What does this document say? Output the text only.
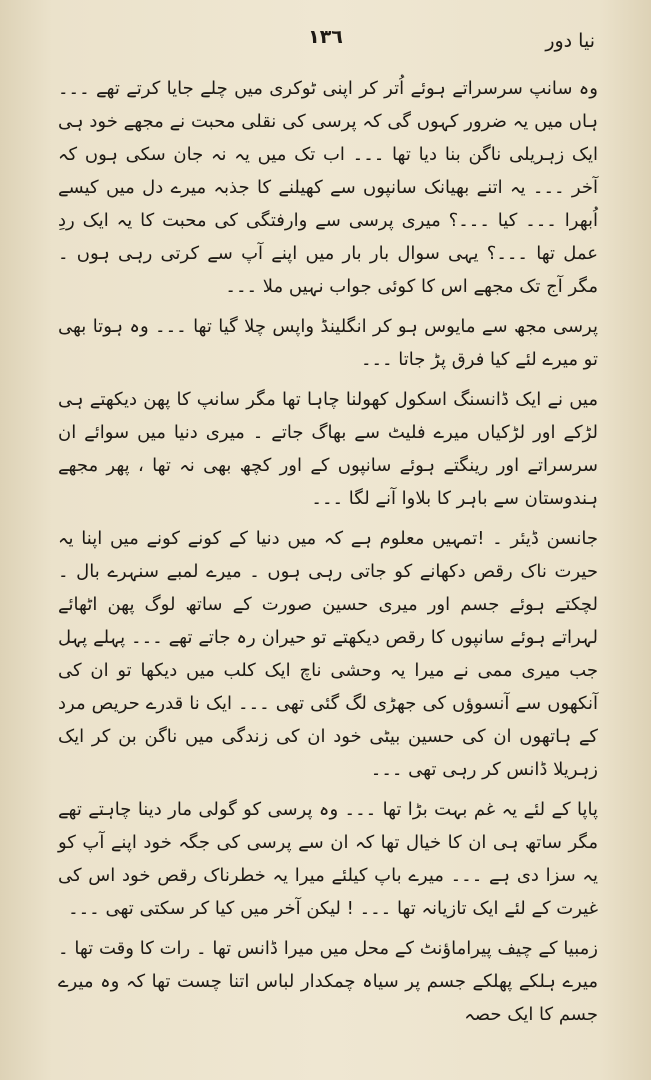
١٣٦	نیا دور

وہ سانپ سرسراتے ہوئے اُتر کر اپنی ٹوکری میں چلے جایا کرتے تھے ۔۔۔ ہاں میں یہ ضرور کہوں گی کہ پرسی کی نقلی محبت نے مجھے خود ہی ایک زہریلی ناگن بنا دیا تھا ۔۔۔ اب تک میں یہ نہ جان سکی ہوں کہ آخر ۔۔۔ یہ اتنے بھیانک سانپوں سے کھیلنے کا جذبہ میرے دل میں کیسے اُبھرا ۔۔۔ کیا ۔۔۔؟ میری پرسی سے وارفتگی کی محبت کا یہ ایک ردِ عمل تھا ۔۔۔؟ یہی سوال بار بار میں اپنے آپ سے کرتی رہی ہوں ۔ مگر آج تک مجھے اس کا کوئی جواب نہیں ملا ۔۔۔

پرسی مجھ سے مایوس ہو کر انگلینڈ واپس چلا گیا تھا ۔۔۔ وہ ہوتا بھی تو میرے لئے کیا فرق پڑ جاتا ۔۔۔

میں نے ایک ڈانسنگ اسکول کھولنا چاہا تھا مگر سانپ کا پھن دیکھتے ہی لڑکے اور لڑکیاں میرے فلیٹ سے بھاگ جاتے ۔ میری دنیا میں سوائے ان سرسراتے اور رینگتے ہوئے سانپوں کے اور کچھ بھی نہ تھا ، پھر مجھے ہندوستان سے باہر کا بلاوا آنے لگا ۔۔۔

جانسن ڈیئر ۔ !تمہیں معلوم ہے کہ میں دنیا کے کونے کونے میں اپنا یہ حیرت ناک رقص دکھانے کو جاتی رہی ہوں ۔ میرے لمبے سنہرے بال ۔ لچکتے ہوئے جسم اور میری حسین صورت کے ساتھ لوگ پھن اٹھائے لہراتے ہوئے سانپوں کا رقص دیکھتے تو حیران رہ جاتے تھے ۔۔۔ پہلے پہل جب میری ممی نے میرا یہ وحشی ناچ ایک کلب میں دیکھا تو ان کی آنکھوں سے آنسوؤں کی جھڑی لگ گئی تھی ۔۔۔ ایک نا قدرے حریص مرد کے ہاتھوں ان کی حسین بیٹی خود ان کی زندگی میں ناگن بن کر ایک زہریلا ڈانس کر رہی تھی ۔۔۔

پاپا کے لئے یہ غم بہت بڑا تھا ۔۔۔ وہ پرسی کو گولی مار دینا چاہتے تھے مگر ساتھ ہی ان کا خیال تھا کہ ان سے پرسی کی جگہ خود اپنے آپ کو یہ سزا دی ہے ۔۔۔ میرے باپ کیلئے میرا یہ خطرناک رقص خود اس کی غیرت کے لئے ایک تازیانہ تھا ۔۔۔ ! لیکن آخر میں کیا کر سکتی تھی ۔۔۔

زمبیا کے چیف پیراماؤنٹ کے محل میں میرا ڈانس تھا ۔ رات کا وقت تھا ۔ میرے ہلکے پھلکے جسم پر سیاہ چمکدار لباس اتنا چست تھا کہ وہ میرے جسم کا ایک حصہ
